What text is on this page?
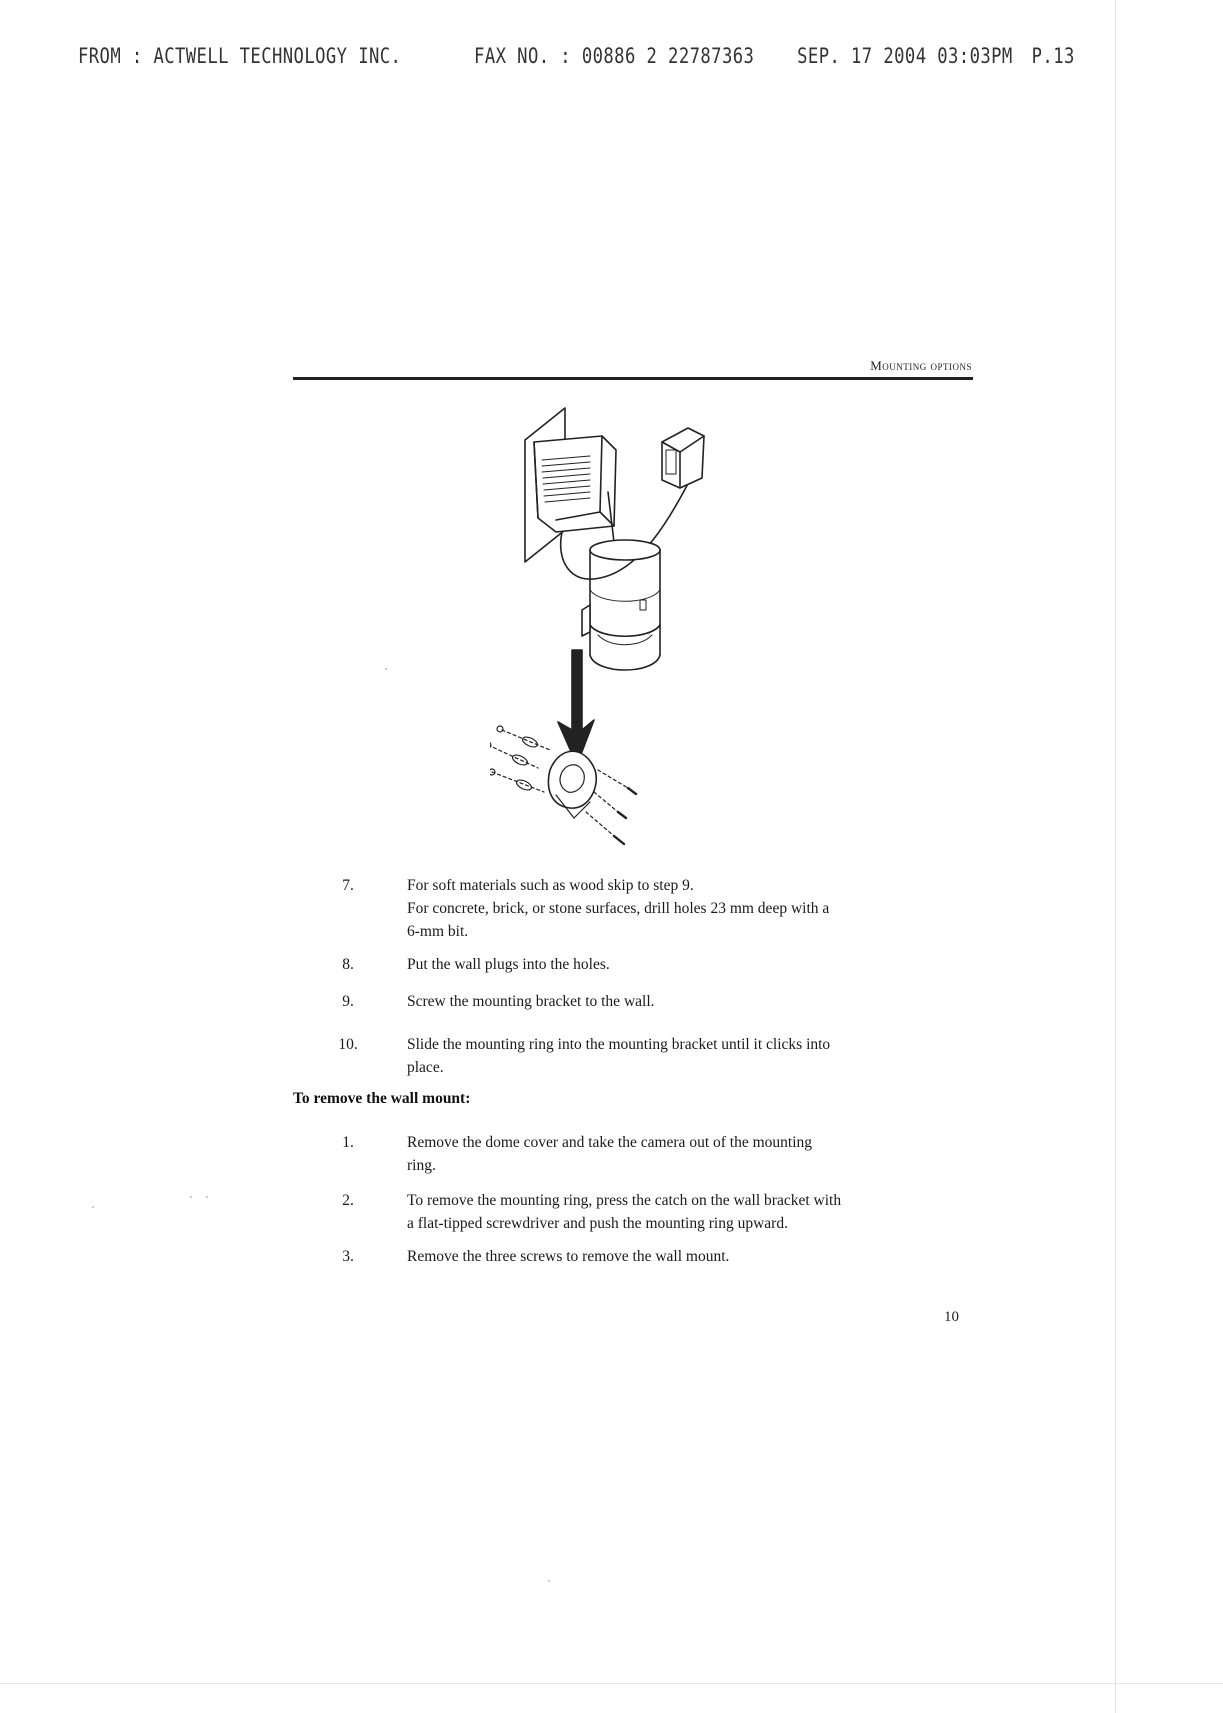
FROM : ACTWELL TECHNOLOGY INC.	FAX NO. : 00886 2 22787363 SEP. 17 2004 03:03PM P.13
Mounting options
7.	For soft materials such as wood skip to step 9.
For concrete, brick, or stone surfaces, drill holes 23 mm deep with a
6-mm bit.
8.	Put the wall plugs into the holes.
9.	Screw the mounting bracket to the wall.
10.	Slide the mounting ring into the mounting bracket until it clicks into
place.
To remove the wall mount:
1.	Remove the dome cover and take the camera out of the mounting
ring.
2.	To remove the mounting ring, press the catch on the wall bracket with
a flat-tipped screwdriver and push the mounting ring upward.
3.	Remove the three screws to remove the wall mount.
10
